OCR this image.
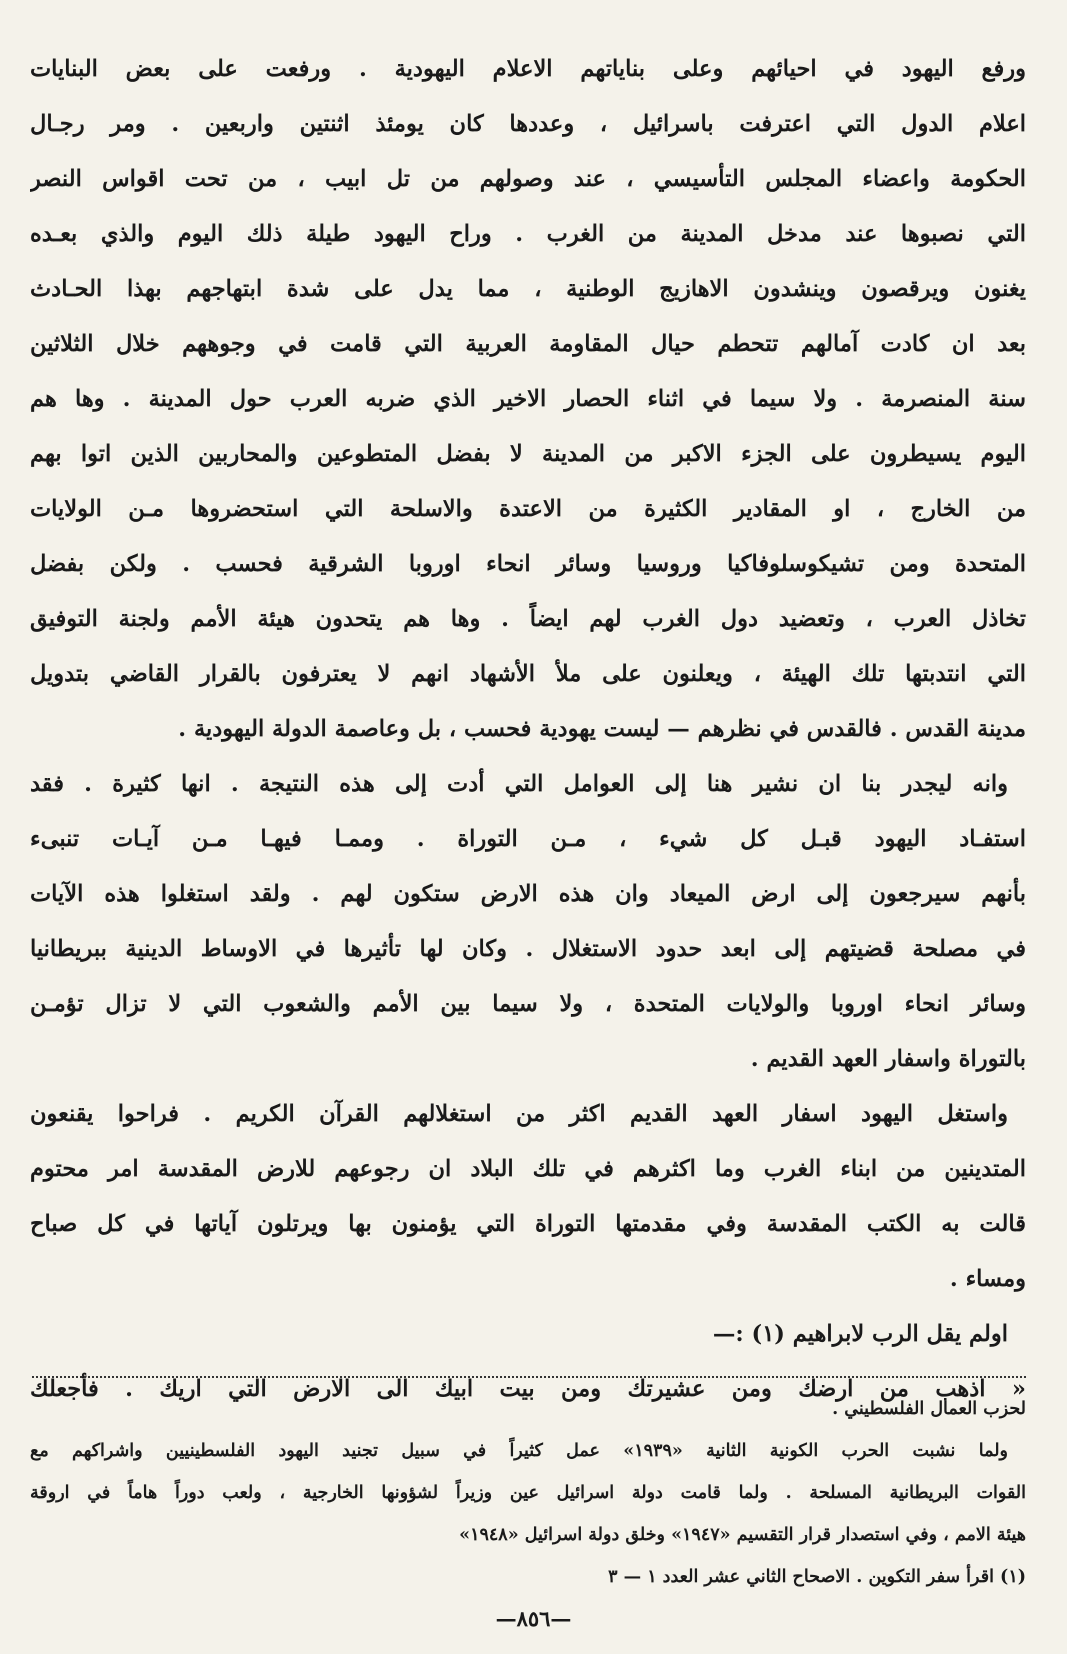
ورفع اليهود في احيائهم وعلى بناياتهم الاعلام اليهودية . ورفعت على بعض البنايات
اعلام الدول التي اعترفت باسرائيل ، وعددها كان يومئذ اثنتين واربعين . ومر رجـال
الحكومة واعضاء المجلس التأسيسي ، عند وصولهم من تل ابيب ، من تحت اقواس النصر
التي نصبوها عند مدخل المدينة من الغرب . وراح اليهود طيلة ذلك اليوم والذي بعـده
يغنون ويرقصون وينشدون الاهازيج الوطنية ، مما يدل على شدة ابتهاجهم بهذا الحـادث
بعد ان كادت آمالهم تتحطم حيال المقاومة العربية التي قامت في وجوههم خلال الثلاثين
سنة المنصرمة . ولا سيما في اثناء الحصار الاخير الذي ضربه العرب حول المدينة . وها هم
اليوم يسيطرون على الجزء الاكبر من المدينة لا بفضل المتطوعين والمحاربين الذين اتوا بهم
من الخارج ، او المقادير الكثيرة من الاعتدة والاسلحة التي استحضروها مـن الولايات
المتحدة ومن تشيكوسلوفاكيا وروسيا وسائر انحاء اوروبا الشرقية فحسب . ولكن بفضل
تخاذل العرب ، وتعضيد دول الغرب لهم ايضاً . وها هم يتحدون هيئة الأمم ولجنة التوفيق
التي انتدبتها تلك الهيئة ، ويعلنون على ملأ الأشهاد انهم لا يعترفون بالقرار القاضي بتدويل
مدينة القدس . فالقدس في نظرهم — ليست يهودية فحسب ، بل وعاصمة الدولة اليهودية .
وانه ليجدر بنا ان نشير هنا إلى العوامل التي أدت إلى هذه النتيجة . انها كثيرة . فقد
استفـاد اليهود قبـل كل شيء ، مـن التوراة . وممـا فيهـا مـن آيـات تنبىء
بأنهم سيرجعون إلى ارض الميعاد وان هذه الارض ستكون لهم . ولقد استغلوا هذه الآيات
في مصلحة قضيتهم إلى ابعد حدود الاستغلال . وكان لها تأثيرها في الاوساط الدينية ببريطانيا
وسائر انحاء اوروبا والولايات المتحدة ، ولا سيما بين الأمم والشعوب التي لا تزال تؤمـن
بالتوراة واسفار العهد القديم .
واستغل اليهود اسفار العهد القديم اكثر من استغلالهم القرآن الكريم . فراحوا يقنعون
المتدينين من ابناء الغرب وما اكثرهم في تلك البلاد ان رجوعهم للارض المقدسة امر محتوم
قالت به الكتب المقدسة وفي مقدمتها التوراة التي يؤمنون بها ويرتلون آياتها في كل صباح
ومساء .
اولم يقل الرب لابراهيم (١) :—
« اذهب من ارضك ومن عشيرتك ومن بيت ابيك الى الارض التي اريك . فأجعلك
لحزب العمال الفلسطيني .
ولما نشبت الحرب الكونية الثانية «١٩٣٩» عمل كثيراً في سبيل تجنيد اليهود الفلسطينيين واشراكهم مع
القوات البريطانية المسلحة . ولما قامت دولة اسرائيل عين وزيراً لشؤونها الخارجية ، ولعب دوراً هاماً في اروقة
هيئة الامم ، وفي استصدار قرار التقسيم «١٩٤٧» وخلق دولة اسرائيل «١٩٤٨»
(١) اقرأ سفر التكوين . الاصحاح الثاني عشر العدد ١ — ٣
—٨٥٦—
